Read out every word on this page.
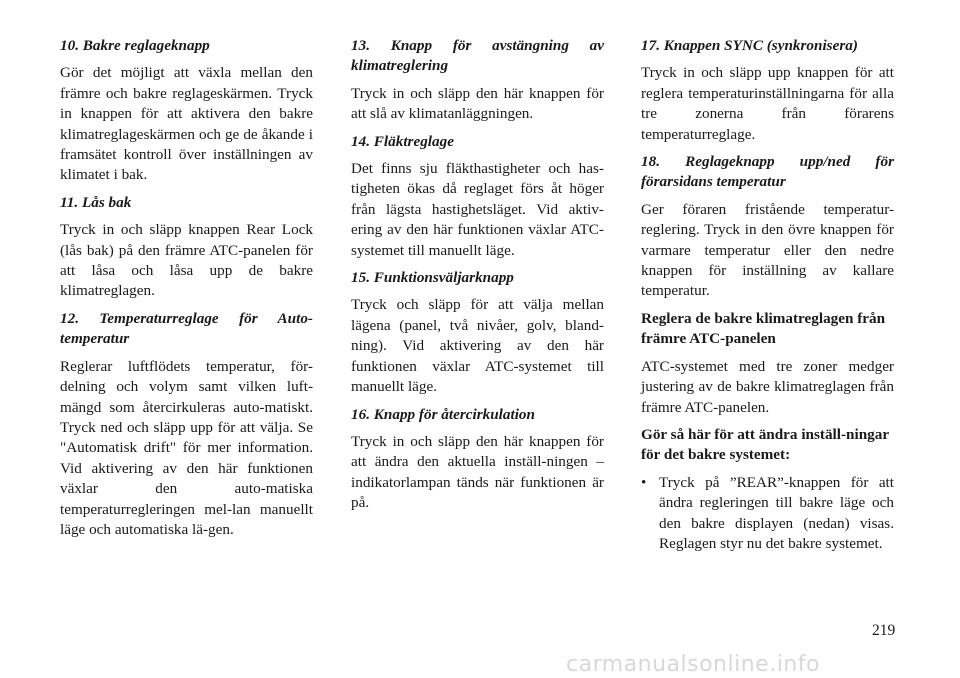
10. Bakre reglageknapp
Gör det möjligt att växla mellan den främre och bakre reglageskärmen. Tryck in knappen för att aktivera den bakre klimatreglageskärmen och ge de åkande i framsätet kontroll över inställningen av klimatet i bak.
11. Lås bak
Tryck in och släpp knappen Rear Lock (lås bak) på den främre ATC-panelen för att låsa och låsa upp de bakre klimatreglagen.
12. Temperaturreglage för Auto-temperatur
Reglerar luftflödets temperatur, för-delning och volym samt vilken luft-mängd som återcirkuleras auto-matiskt. Tryck ned och släpp upp för att välja. Se "Automatisk drift" för mer information. Vid aktivering av den här funktionen växlar den auto-matiska temperaturregleringen mel-lan manuellt läge och automatiska lä-gen.
13. Knapp för avstängning av klimatreglering
Tryck in och släpp den här knappen för att slå av klimatanläggningen.
14. Fläktreglage
Det finns sju fläkthastigheter och has-tigheten ökas då reglaget förs åt höger från lägsta hastighetsläget. Vid aktiv-ering av den här funktionen växlar ATC-systemet till manuellt läge.
15. Funktionsväljarknapp
Tryck och släpp för att välja mellan lägena (panel, två nivåer, golv, bland-ning). Vid aktivering av den här funktionen växlar ATC-systemet till manuellt läge.
16. Knapp för återcirkulation
Tryck in och släpp den här knappen för att ändra den aktuella inställ-ningen – indikatorlampan tänds när funktionen är på.
17. Knappen SYNC (synkronisera)
Tryck in och släpp upp knappen för att reglera temperaturinställningarna för alla tre zonerna från förarens temperaturreglage.
18. Reglageknapp upp/ned för förarsidans temperatur
Ger föraren fristående temperatur-reglering. Tryck in den övre knappen för varmare temperatur eller den nedre knappen för inställning av kallare temperatur.
Reglera de bakre klimatreglagen från främre ATC-panelen
ATC-systemet med tre zoner medger justering av de bakre klimatreglagen från främre ATC-panelen.
Gör så här för att ändra inställ-ningar för det bakre systemet:
• Tryck på ”REAR”-knappen för att ändra regleringen till bakre läge och den bakre displayen (nedan) visas. Reglagen styr nu det bakre systemet.
219
carmanualsonline.info
